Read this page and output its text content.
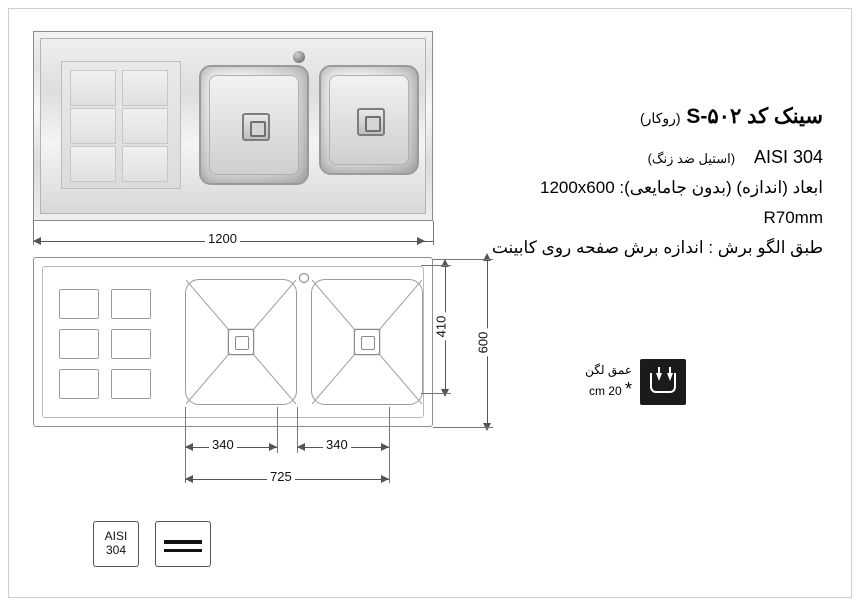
1200
410
600
340	340
725
سینک کد S-۵۰۲ (روکار)
AISI 304    (استیل ضد زنگ)
ابعاد (اندازه) (بدون جامایعی): 1200x600
R70mm
طبق الگو برش : اندازه برش صفحه روی کابینت
عمق لگن
* 20 cm
AISI
304
